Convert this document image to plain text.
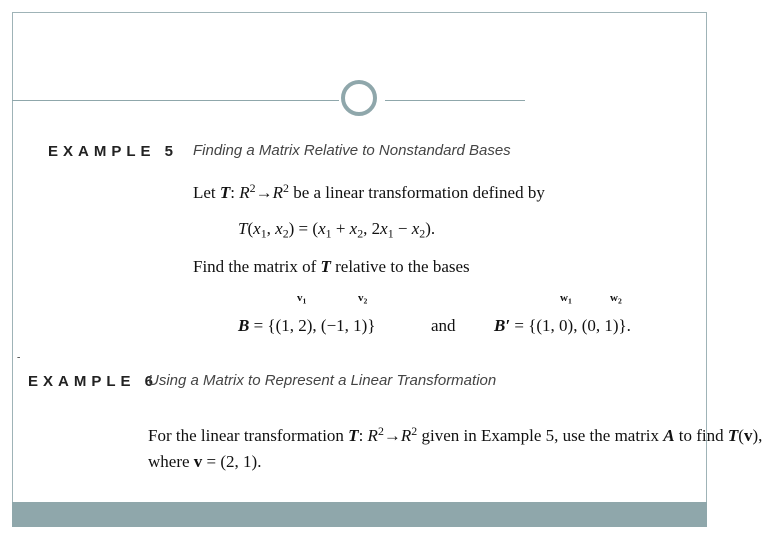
EXAMPLE 5 Finding a Matrix Relative to Nonstandard Bases
Let T: $R^2\to R^2$ be a linear transformation defined by
$T(x_1$, $x_2) = (x_1 + x_2$, $2x_1 - x_2$).
Find the matrix of T relative to the bases
$v_1$	$v_2$	$w_1$	$w_2$
B = {(1, 2), (−1, 1)}	and B′ = {(1, 0), (0, 1)}.
-
EXAMPLE 6
Using a Matrix to Represent a Linear Transformation
For the linear transformation T: $R^2\to R^2$ given in Example 5, use the matrix A to find T(v),
where v = (2, 1).
